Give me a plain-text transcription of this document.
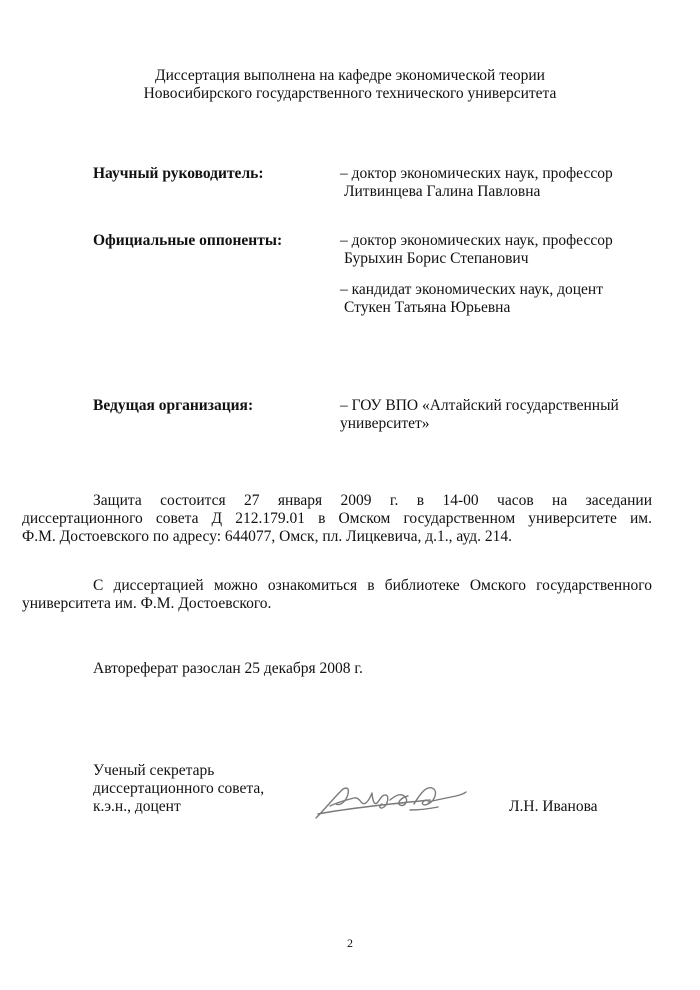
Диссертация выполнена на кафедре экономической теории
Новосибирского государственного технического университета
Научный руководитель:	– доктор экономических наук, профессор
Литвинцева Галина Павловна
Официальные оппоненты:	– доктор экономических наук, профессор
Бурыхин Борис Степанович
– кандидат экономических наук, доцент
Стукен Татьяна Юрьевна
Ведущая организация:	– ГОУ ВПО «Алтайский государственный
университет»
Защита состоится 27 января 2009 г. в 14-00 часов на заседании
диссертационного совета Д 212.179.01 в Омском государственном университете им.
Ф.М. Достоевского по адресу: 644077, Омск, пл. Лицкевича, д.1., ауд. 214.
С диссертацией можно ознакомиться в библиотеке Омского государственного
университета им. Ф.М. Достоевского.
Автореферат разослан 25 декабря 2008 г.
Ученый секретарь
диссертационного совета,
к.э.н., доцент	Л.Н. Иванова
2
